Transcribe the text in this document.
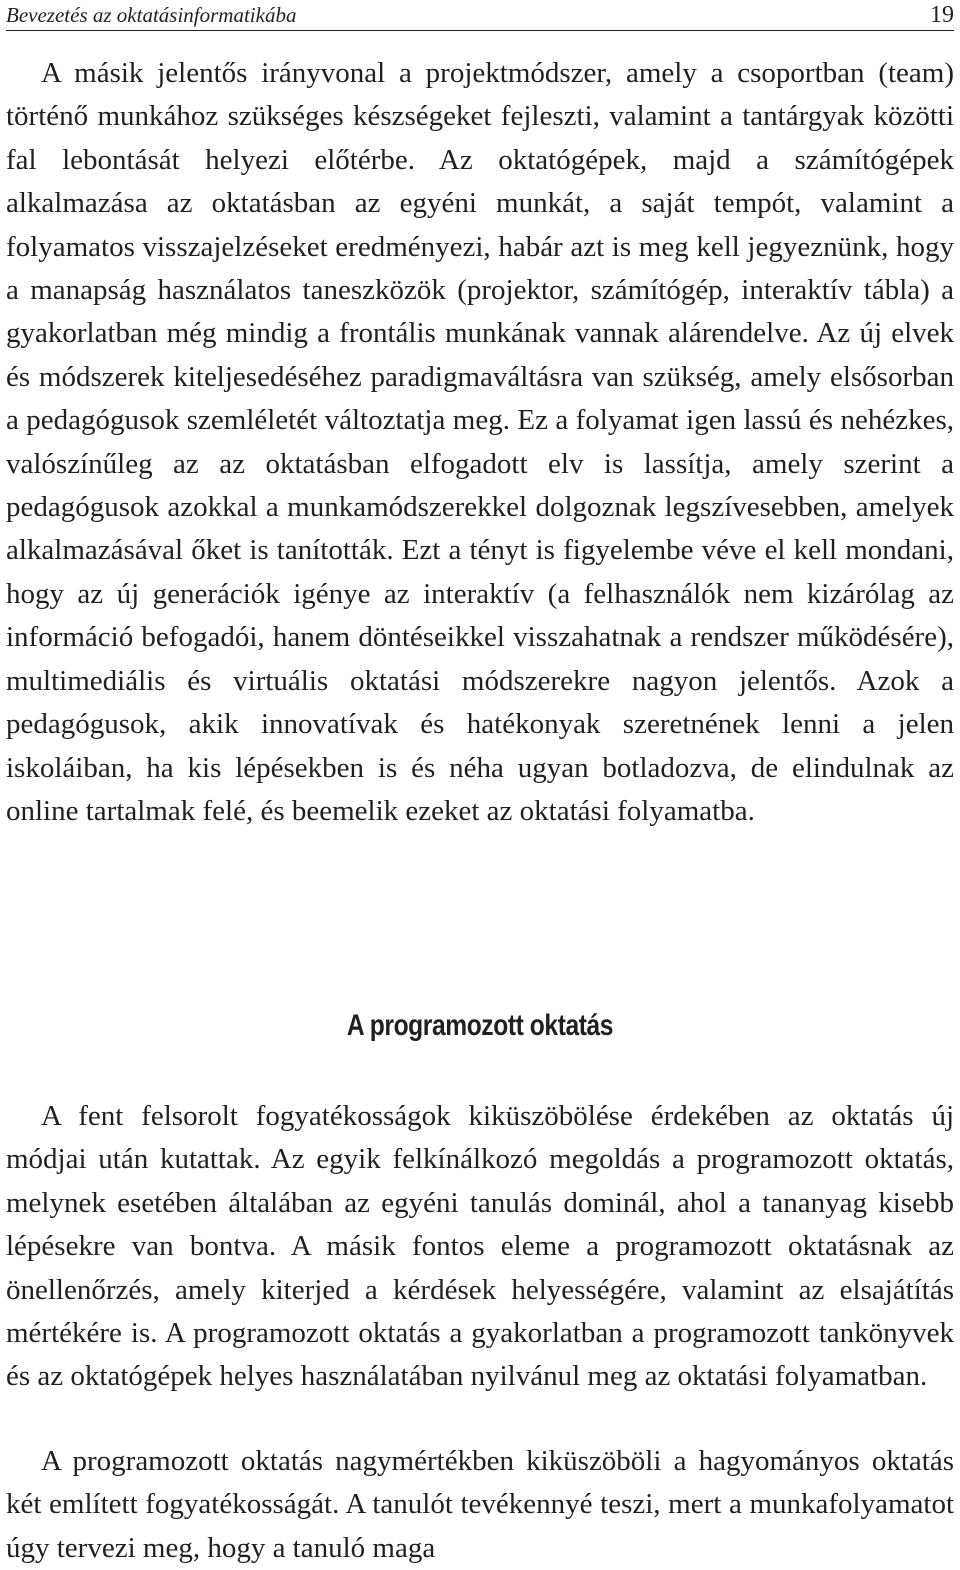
Bevezetés az oktatásinformatikába	19

A másik jelentős irányvonal a projektmódszer, amely a csoportban (team) történő munkához szükséges készségeket fejleszti, valamint a tantárgyak közötti fal lebontását helyezi előtérbe. Az oktatógépek, majd a számítógépek alkalmazása az oktatásban az egyéni munkát, a saját tempót, valamint a folyamatos visszajelzéseket eredményezi, habár azt is meg kell jegyeznünk, hogy a manapság használatos taneszközök (projektor, számítógép, interaktív tábla) a gyakorlatban még mindig a frontális munkának vannak alárendelve. Az új elvek és módszerek kiteljesedéséhez paradigmaváltásra van szükség, amely elsősorban a pedagógusok szemléletét változtatja meg. Ez a folyamat igen lassú és nehézkes, valószínűleg az az oktatásban elfogadott elv is lassítja, amely szerint a pedagógusok azokkal a munkamódszerekkel dolgoznak legszívesebben, amelyek alkalmazásával őket is tanították. Ezt a tényt is figyelembe véve el kell mondani, hogy az új generációk igénye az interaktív (a felhasználók nem kizárólag az információ befogadói, hanem döntéseikkel visszahatnak a rendszer működésére), multimediális és virtuális oktatási módszerekre nagyon jelentős. Azok a pedagógusok, akik innovatívak és hatékonyak szeretnének lenni a jelen iskoláiban, ha kis lépésekben is és néha ugyan botladozva, de elindulnak az online tartalmak felé, és beemelik ezeket az oktatási folyamatba.

A programozott oktatás

A fent felsorolt fogyatékosságok kiküszöbölése érdekében az oktatás új módjai után kutattak. Az egyik felkínálkozó megoldás a programozott oktatás, melynek esetében általában az egyéni tanulás dominál, ahol a tananyag kisebb lépésekre van bontva. A másik fontos eleme a programozott oktatásnak az önellenőrzés, amely kiterjed a kérdések helyességére, valamint az elsajátítás mértékére is. A programozott oktatás a gyakorlatban a programozott tankönyvek és az oktatógépek helyes használatában nyilvánul meg az oktatási folyamatban.

A programozott oktatás nagymértékben kiküszöböli a hagyományos oktatás két említett fogyatékosságát. A tanulót tevékennyé teszi, mert a munkafolyamatot úgy tervezi meg, hogy a tanuló maga
